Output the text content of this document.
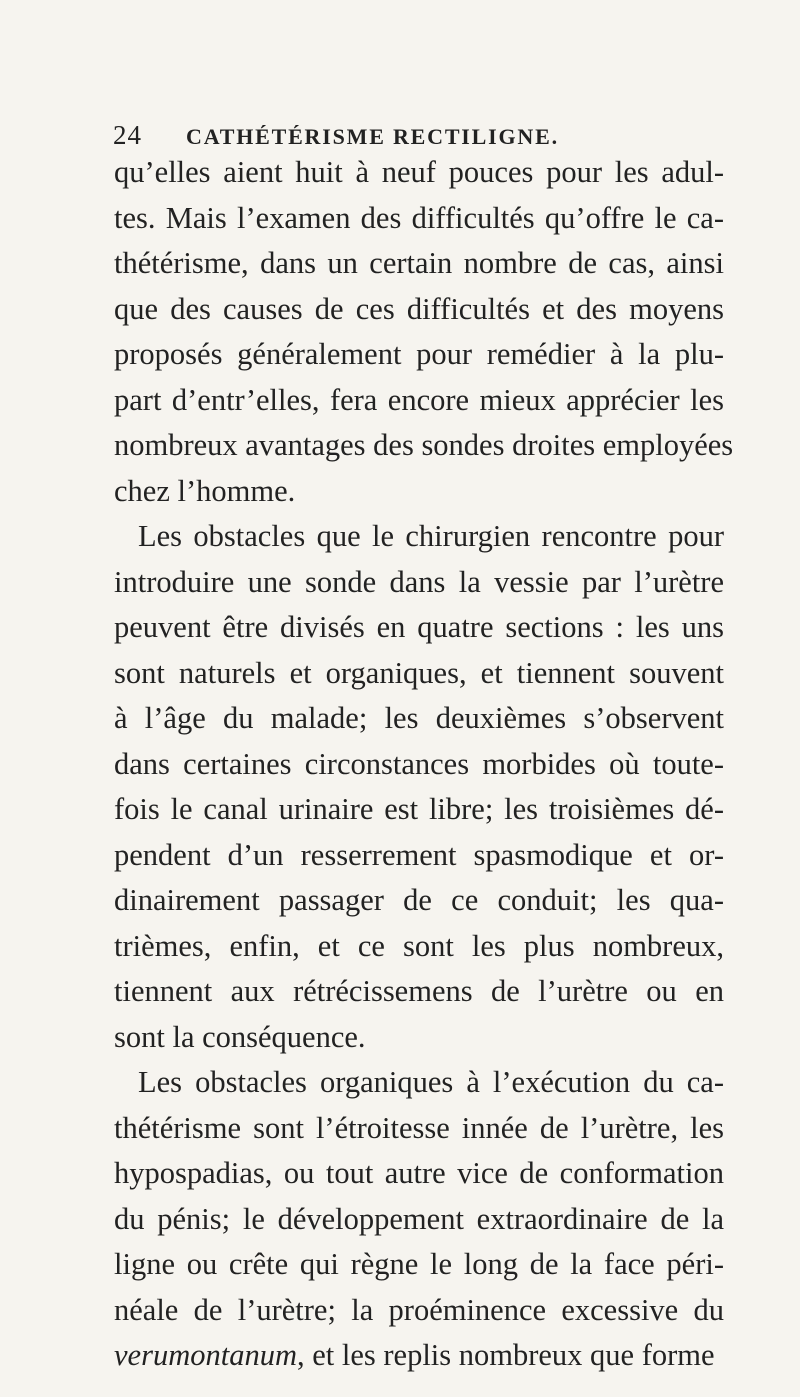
24 CATHÉTÉRISME RECTILIGNE.
qu’elles aient huit à neuf pouces pour les adul-
tes. Mais l’examen des difficultés qu’offre le ca-
thétérisme, dans un certain nombre de cas, ainsi
que des causes de ces difficultés et des moyens
proposés généralement pour remédier à la plu-
part d’entr’elles, fera encore mieux apprécier les
nombreux avantages des sondes droites employées
chez l’homme.
Les obstacles que le chirurgien rencontre pour
introduire une sonde dans la vessie par l’urètre
peuvent être divisés en quatre sections : les uns
sont naturels et organiques, et tiennent souvent
à l’âge du malade; les deuxièmes s’observent
dans certaines circonstances morbides où toute-
fois le canal urinaire est libre; les troisièmes dé-
pendent d’un resserrement spasmodique et or-
dinairement passager de ce conduit; les qua-
trièmes, enfin, et ce sont les plus nombreux,
tiennent aux rétrécissemens de l’urètre ou en
sont la conséquence.
Les obstacles organiques à l’exécution du ca-
thétérisme sont l’étroitesse innée de l’urètre, les
hypospadias, ou tout autre vice de conformation
du pénis; le développement extraordinaire de la
ligne ou crête qui règne le long de la face péri-
néale de l’urètre; la proéminence excessive du
verumontanum, et les replis nombreux que forme
